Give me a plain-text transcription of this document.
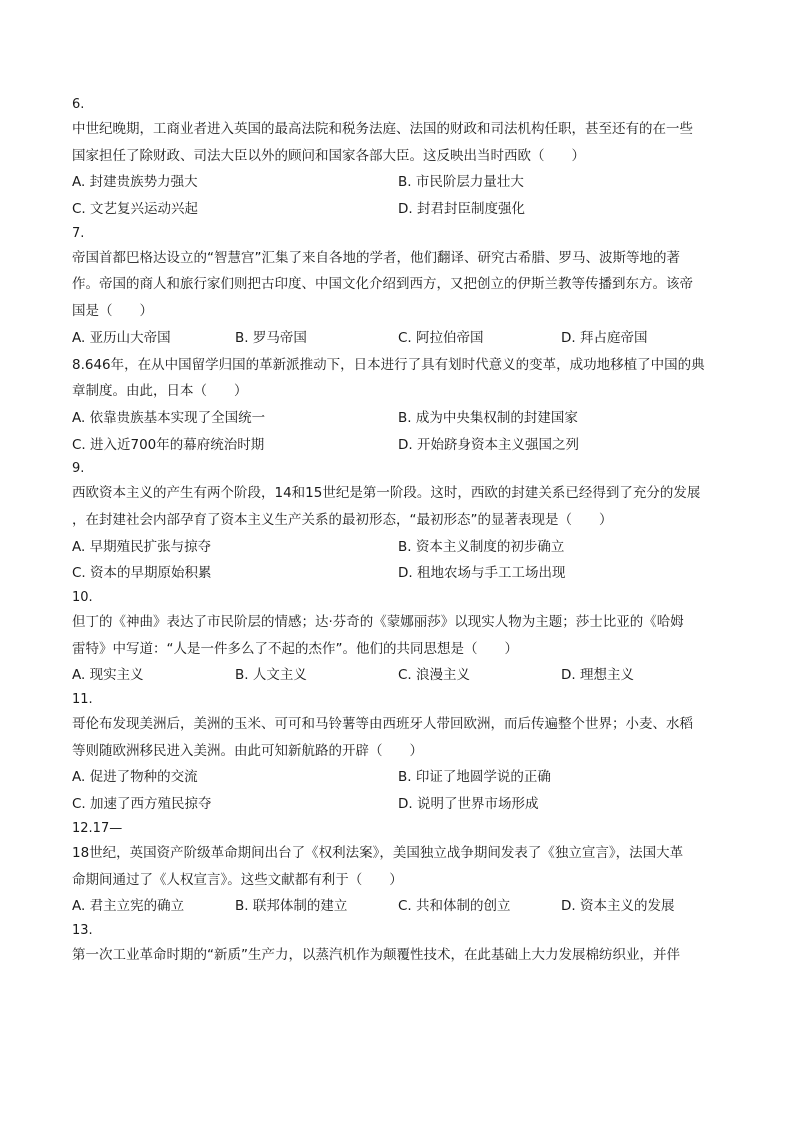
6.
中世纪晚期，工商业者进入英国的最高法院和税务法庭、法国的财政和司法机构任职，甚至还有的在一些
国家担任了除财政、司法大臣以外的顾问和国家各部大臣。这反映出当时西欧（　　）
A. 封建贵族势力强大	B. 市民阶层力量壮大
C. 文艺复兴运动兴起	D. 封君封臣制度强化
7.
帝国首都巴格达设立的“智慧宫”汇集了来自各地的学者，他们翻译、研究古希腊、罗马、波斯等地的著
作。帝国的商人和旅行家们则把古印度、中国文化介绍到西方，又把创立的伊斯兰教等传播到东方。该帝
国是（　　）
A. 亚历山大帝国	B. 罗马帝国	C. 阿拉伯帝国	D. 拜占庭帝国
8.646年，在从中国留学归国的革新派推动下，日本进行了具有划时代意义的变革，成功地移植了中国的典
章制度。由此，日本（　　）
A. 依靠贵族基本实现了全国统一	B. 成为中央集权制的封建国家
C. 进入近700年的幕府统治时期	D. 开始跻身资本主义强国之列
9.
西欧资本主义的产生有两个阶段，14和15世纪是第一阶段。这时，西欧的封建关系已经得到了充分的发展
，在封建社会内部孕育了资本主义生产关系的最初形态，“最初形态”的显著表现是（　　）
A. 早期殖民扩张与掠夺	B. 资本主义制度的初步确立
C. 资本的早期原始积累	D. 租地农场与手工工场出现
10.
但丁的《神曲》表达了市民阶层的情感；达·芬奇的《蒙娜丽莎》以现实人物为主题；莎士比亚的《哈姆
雷特》中写道：“人是一件多么了不起的杰作”。他们的共同思想是（　　）
A. 现实主义	B. 人文主义	C. 浪漫主义	D. 理想主义
11.
哥伦布发现美洲后，美洲的玉米、可可和马铃薯等由西班牙人带回欧洲，而后传遍整个世界；小麦、水稻
等则随欧洲移民进入美洲。由此可知新航路的开辟（　　）
A. 促进了物种的交流	B. 印证了地圆学说的正确
C. 加速了西方殖民掠夺	D. 说明了世界市场形成
12.17—
18世纪，英国资产阶级革命期间出台了《权利法案》，美国独立战争期间发表了《独立宣言》，法国大革
命期间通过了《人权宣言》。这些文献都有利于（　　）
A. 君主立宪的确立	B. 联邦体制的建立	C. 共和体制的创立	D. 资本主义的发展
13.
第一次工业革命时期的“新质”生产力，以蒸汽机作为颠覆性技术，在此基础上大力发展棉纺织业，并伴
